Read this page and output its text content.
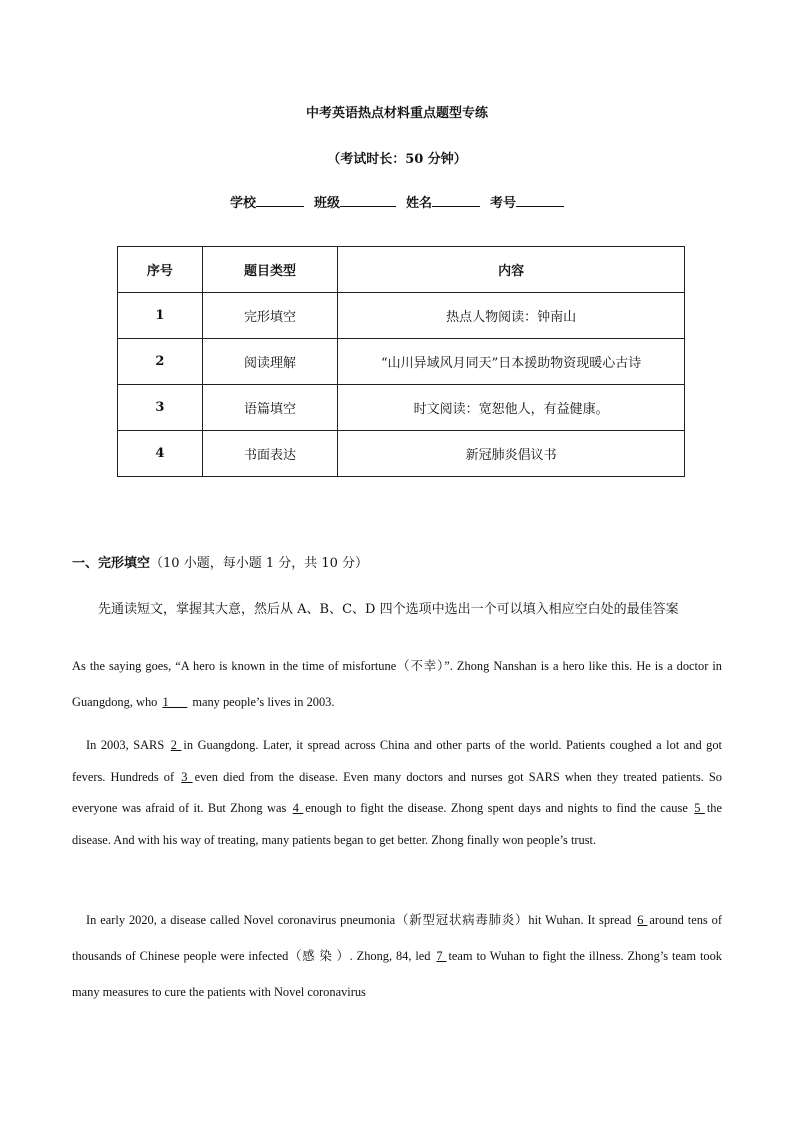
中考英语热点材料重点题型专练
（考试时长：50 分钟）
学校	班级	姓名	考号
序号	题目类型	内容
1	完形填空	热点人物阅读：钟南山
2	阅读理解	“山川异域风月同天”日本援助物资现暖心古诗
3	语篇填空	时文阅读：宽恕他人，有益健康。
4	书面表达	新冠肺炎倡议书
一、完形填空（10 小题，每小题 1 分，共 10 分）
先通读短文，掌握其大意，然后从 A、B、C、D 四个选项中选出一个可以填入相应空白处的最佳答案
As the saying goes, “A hero is known in the time of misfortune（不幸）”. Zhong Nanshan is a hero like this. He is a doctor in Guangdong, who 1___ many people’s lives in 2003.
In 2003, SARS 2 in Guangdong. Later, it spread across China and other parts of the world. Patients coughed a lot and got fevers. Hundreds of 3 even died from the disease. Even many doctors and nurses got SARS when they treated patients. So everyone was afraid of it. But Zhong was 4 enough to fight the disease. Zhong spent days and nights to find the cause 5 the disease. And with his way of treating, many patients began to get better. Zhong finally won people’s trust.
In early 2020, a disease called Novel coronavirus pneumonia（新型冠状病毒肺炎）hit Wuhan. It spread 6 around tens of thousands of Chinese people were infected（感 染 ）. Zhong, 84, led 7 team to Wuhan to fight the illness. Zhong’s team took many measures to cure the patients with Novel coronavirus
